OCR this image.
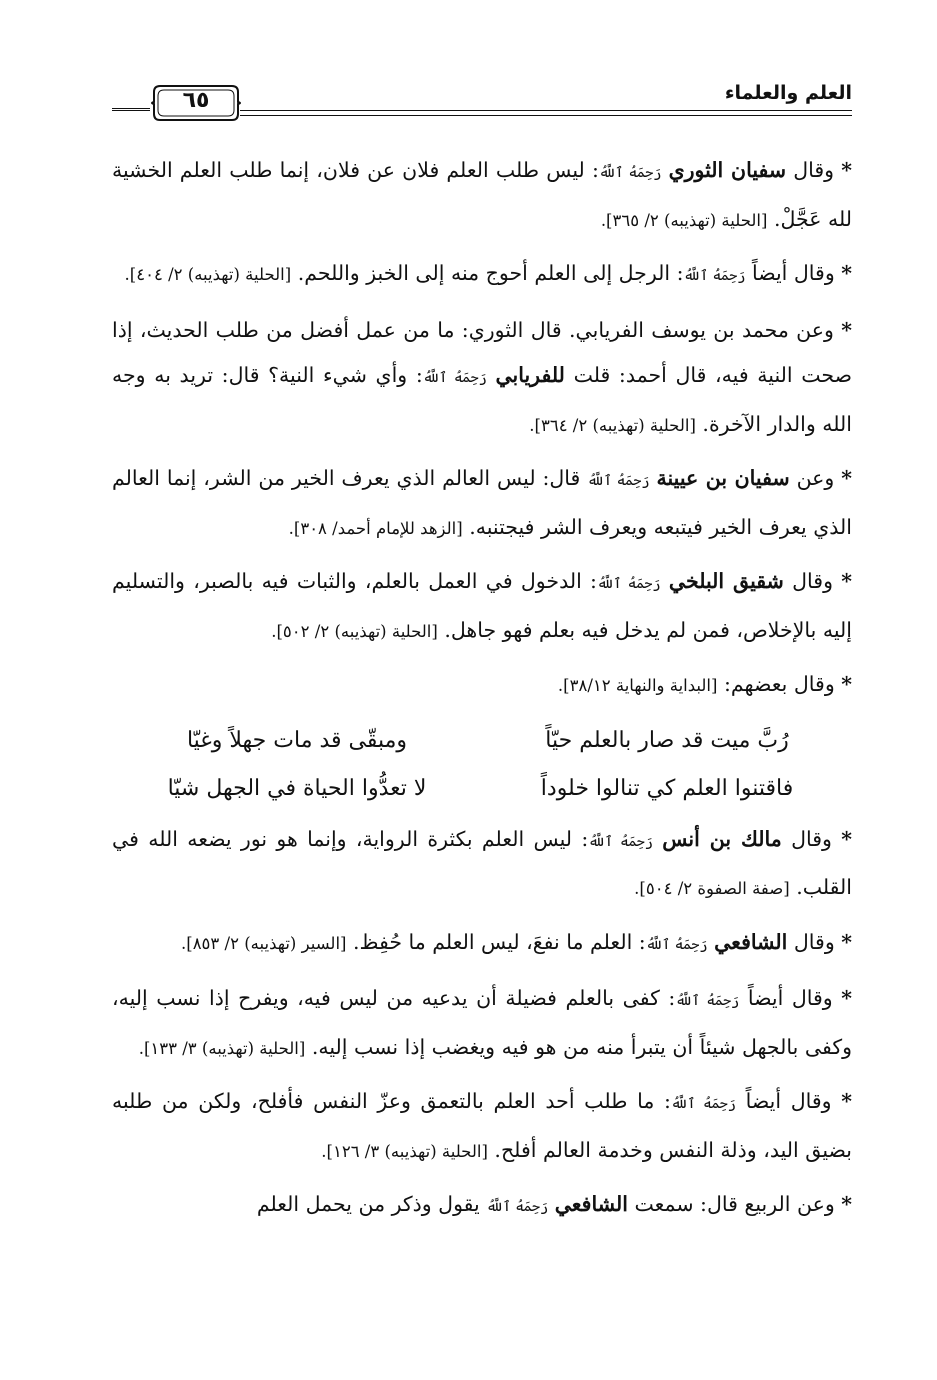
العلم والعلماء
٦٥

* وقال سفيان الثوري رَحِمَهُ ٱللَّهُ: ليس طلب العلم فلان عن فلان، إنما طلب العلم الخشية لله عَجَّلْ. [الحلية (تهذيبه) ٢/ ٣٦٥].

* وقال أيضاً رَحِمَهُ ٱللَّهُ: الرجل إلى العلم أحوج منه إلى الخبز واللحم. [الحلية (تهذيبه) ٢/ ٤٠٤].

* وعن محمد بن يوسف الفريابي. قال الثوري: ما من عمل أفضل من طلب الحديث، إذا صحت النية فيه، قال أحمد: قلت للفريابي رَحِمَهُ ٱللَّهُ: وأي شيء النية؟ قال: تريد به وجه الله والدار الآخرة. [الحلية (تهذيبه) ٢/ ٣٦٤].

* وعن سفيان بن عيينة رَحِمَهُ ٱللَّهُ قال: ليس العالم الذي يعرف الخير من الشر، إنما العالم الذي يعرف الخير فيتبعه ويعرف الشر فيجتنبه. [الزهد للإمام أحمد/ ٣٠٨].

* وقال شقيق البلخي رَحِمَهُ ٱللَّهُ: الدخول في العمل بالعلم، والثبات فيه بالصبر، والتسليم إليه بالإخلاص، فمن لم يدخل فيه بعلم فهو جاهل. [الحلية (تهذيبه) ٢/ ٥٠٢].

* وقال بعضهم: [البداية والنهاية ٣٨/١٢].

رُبَّ ميت قد صار بالعلم حيّاً
ومبقّى قد مات جهلاً وغيّا
فاقتنوا العلم كي تنالوا خلوداً
لا تعدُّوا الحياة في الجهل شيّا

* وقال مالك بن أنس رَحِمَهُ ٱللَّهُ: ليس العلم بكثرة الرواية، وإنما هو نور يضعه الله في القلب. [صفة الصفوة ٢/ ٥٠٤].

* وقال الشافعي رَحِمَهُ ٱللَّهُ: العلم ما نفعَ، ليس العلم ما حُفِظ. [السير (تهذيبه) ٢/ ٨٥٣].

* وقال أيضاً رَحِمَهُ ٱللَّهُ: كفى بالعلم فضيلة أن يدعيه من ليس فيه، ويفرح إذا نسب إليه، وكفى بالجهل شيئاً أن يتبرأ منه من هو فيه ويغضب إذا نسب إليه. [الحلية (تهذيبه) ٣/ ١٣٣].

* وقال أيضاً رَحِمَهُ ٱللَّهُ: ما طلب أحد العلم بالتعمق وعزّ النفس فأفلح، ولكن من طلبه بضيق اليد، وذلة النفس وخدمة العالم أفلح. [الحلية (تهذيبه) ٣/ ١٢٦].

* وعن الربيع قال: سمعت الشافعي رَحِمَهُ ٱللَّهُ يقول وذكر من يحمل العلم
